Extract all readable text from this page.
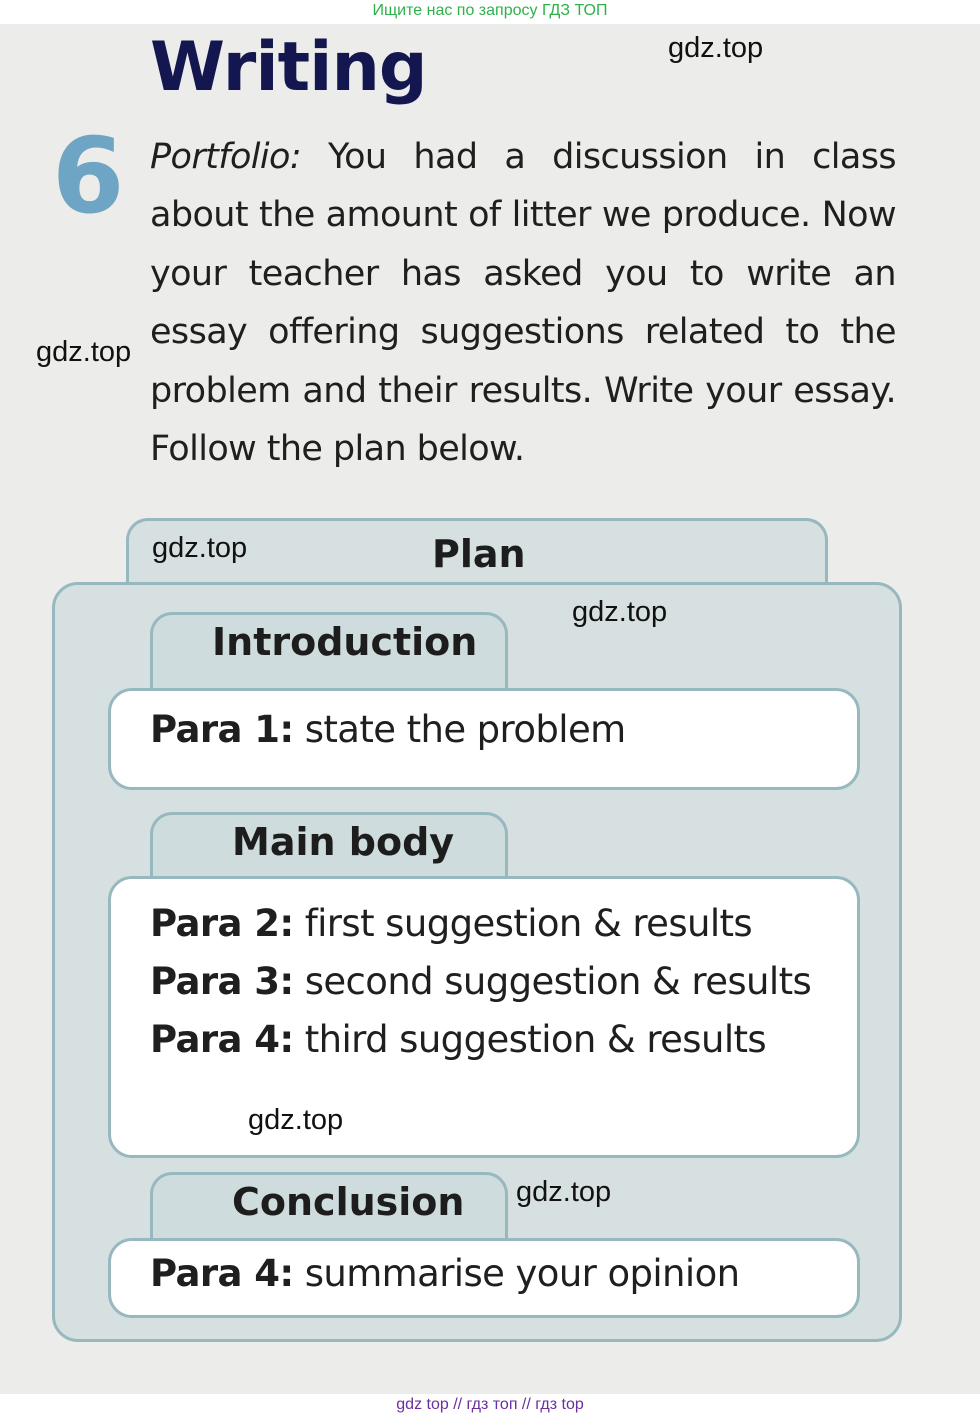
Ищите нас по запросу ГДЗ ТОП
Writing
6 Portfolio: You had a discussion in class about the amount of litter we produce. Now your teacher has asked you to write an essay offering suggestions related to the problem and their results. Write your essay. Follow the plan below.
Plan
Introduction
Para 1: state the problem
Main body
Para 2: first suggestion & results
Para 3: second suggestion & results
Para 4: third suggestion & results
Conclusion
Para 4: summarise your opinion
gdz.top
gdz.top
gdz.top
gdz.top
gdz.top
gdz.top
gdz top // гдз топ // гдз top
